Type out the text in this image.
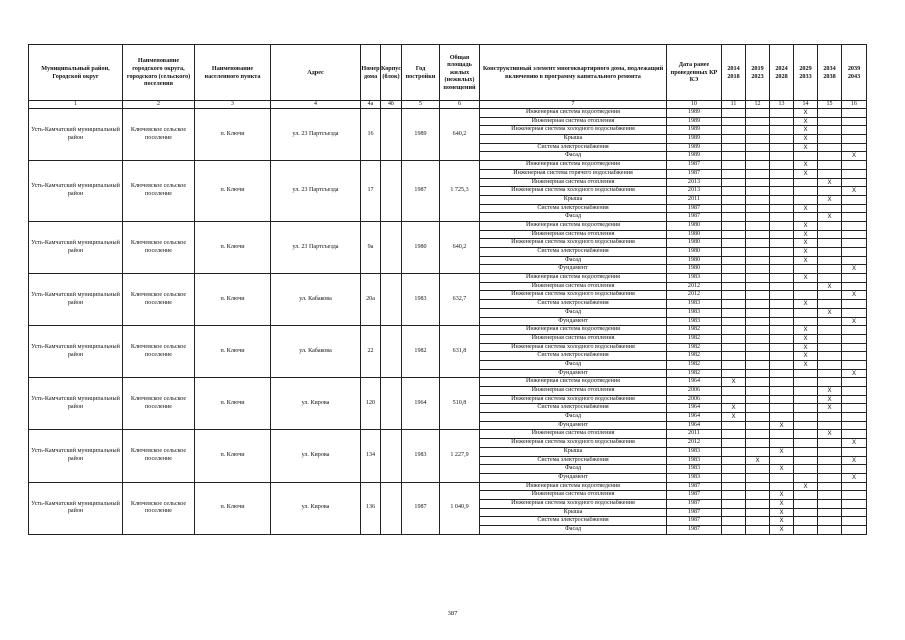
Муниципальный район, Городской округ	Наименование городского округа, городского (сельского) поселения	Наименование населенного пункта	Адрес	Номер дома	Корпус (блок)	Год постройки	Общая площадь жилых (нежилых) помещений	Конструктивный элемент многоквартирного дома, подлежащий включению в программу капитального ремонта	Дата ранее проведенных КР КЭ	2014 2018	2019 2023	2024 2028	2029 2033	2034 2038	2039 2043
1	2	3	4	4а	4б	5	6	7	10	11	12	13	14	15	16
Усть-Камчатский муниципальный район	Ключевское сельское поселение	п. Ключи	ул. 23 Партсъезда	16		1989	640,2	Инженерная система водоотведения	1989				X		
								Инженерная система отопления	1989				X		
								Инженерная система холодного водоснабжения	1989				X		
								Крыша	1989				X		
								Система электроснабжения	1989				X		
								Фасад	1989						X
Усть-Камчатский муниципальный район	Ключевское сельское поселение	п. Ключи	ул. 23 Партсъезда	17		1987	1 725,3	Инженерная система водоотведения	1987				X		
								Инженерная система горячего водоснабжения	1987				X		
								Инженерная система отопления	2013					X	
								Инженерная система холодного водоснабжения	2013						X
								Крыша	2011					X	
								Система электроснабжения	1987				X		
								Фасад	1987					X	
Усть-Камчатский муниципальный район	Ключевское сельское поселение	п. Ключи	ул. 23 Партсъезда	9а		1980	640,2	Инженерная система водоотведения	1980				X		
								Инженерная система отопления	1980				X		
								Инженерная система холодного водоснабжения	1980				X		
								Система электроснабжения	1980				X		
								Фасад	1980				X		
								Фундамент	1980						X
Усть-Камчатский муниципальный район	Ключевское сельское поселение	п. Ключи	ул. Кабакова	20а		1983	632,7	Инженерная система водоотведения	1983				X		
								Инженерная система отопления	2012					X	
								Инженерная система холодного водоснабжения	2012						X
								Система электроснабжения	1983				X		
								Фасад	1983					X	
								Фундамент	1983						X
Усть-Камчатский муниципальный район	Ключевское сельское поселение	п. Ключи	ул. Кабакова	22		1982	631,8	Инженерная система водоотведения	1982				X		
								Инженерная система отопления	1982				X		
								Инженерная система холодного водоснабжения	1982				X		
								Система электроснабжения	1982				X		
								Фасад	1982				X		
								Фундамент	1982						X
Усть-Камчатский муниципальный район	Ключевское сельское поселение	п. Ключи	ул. Кирова	120		1964	510,8	Инженерная система водоотведения	1964	X					
								Инженерная система отопления	2006					X	
								Инженерная система холодного водоснабжения	2006					X	
								Система электроснабжения	1964	X				X	
								Фасад	1964	X					
								Фундамент	1964			X			
Усть-Камчатский муниципальный район	Ключевское сельское поселение	п. Ключи	ул. Кирова	134		1983	1 227,9	Инженерная система отопления	2011					X	
								Инженерная система холодного водоснабжения	2012						X
								Крыша	1983			X			
								Система электроснабжения	1983		X				X
								Фасад	1983			X			
								Фундамент	1983						X
Усть-Камчатский муниципальный район	Ключевское сельское поселение	п. Ключи	ул. Кирова	136		1987	1 040,9	Инженерная система водоотведения	1987				X		
								Инженерная система отопления	1987			X			
								Инженерная система холодного водоснабжения	1987			X			
								Крыша	1987			X			
								Система электроснабжения	1987			X			
								Фасад	1987			X			
387
